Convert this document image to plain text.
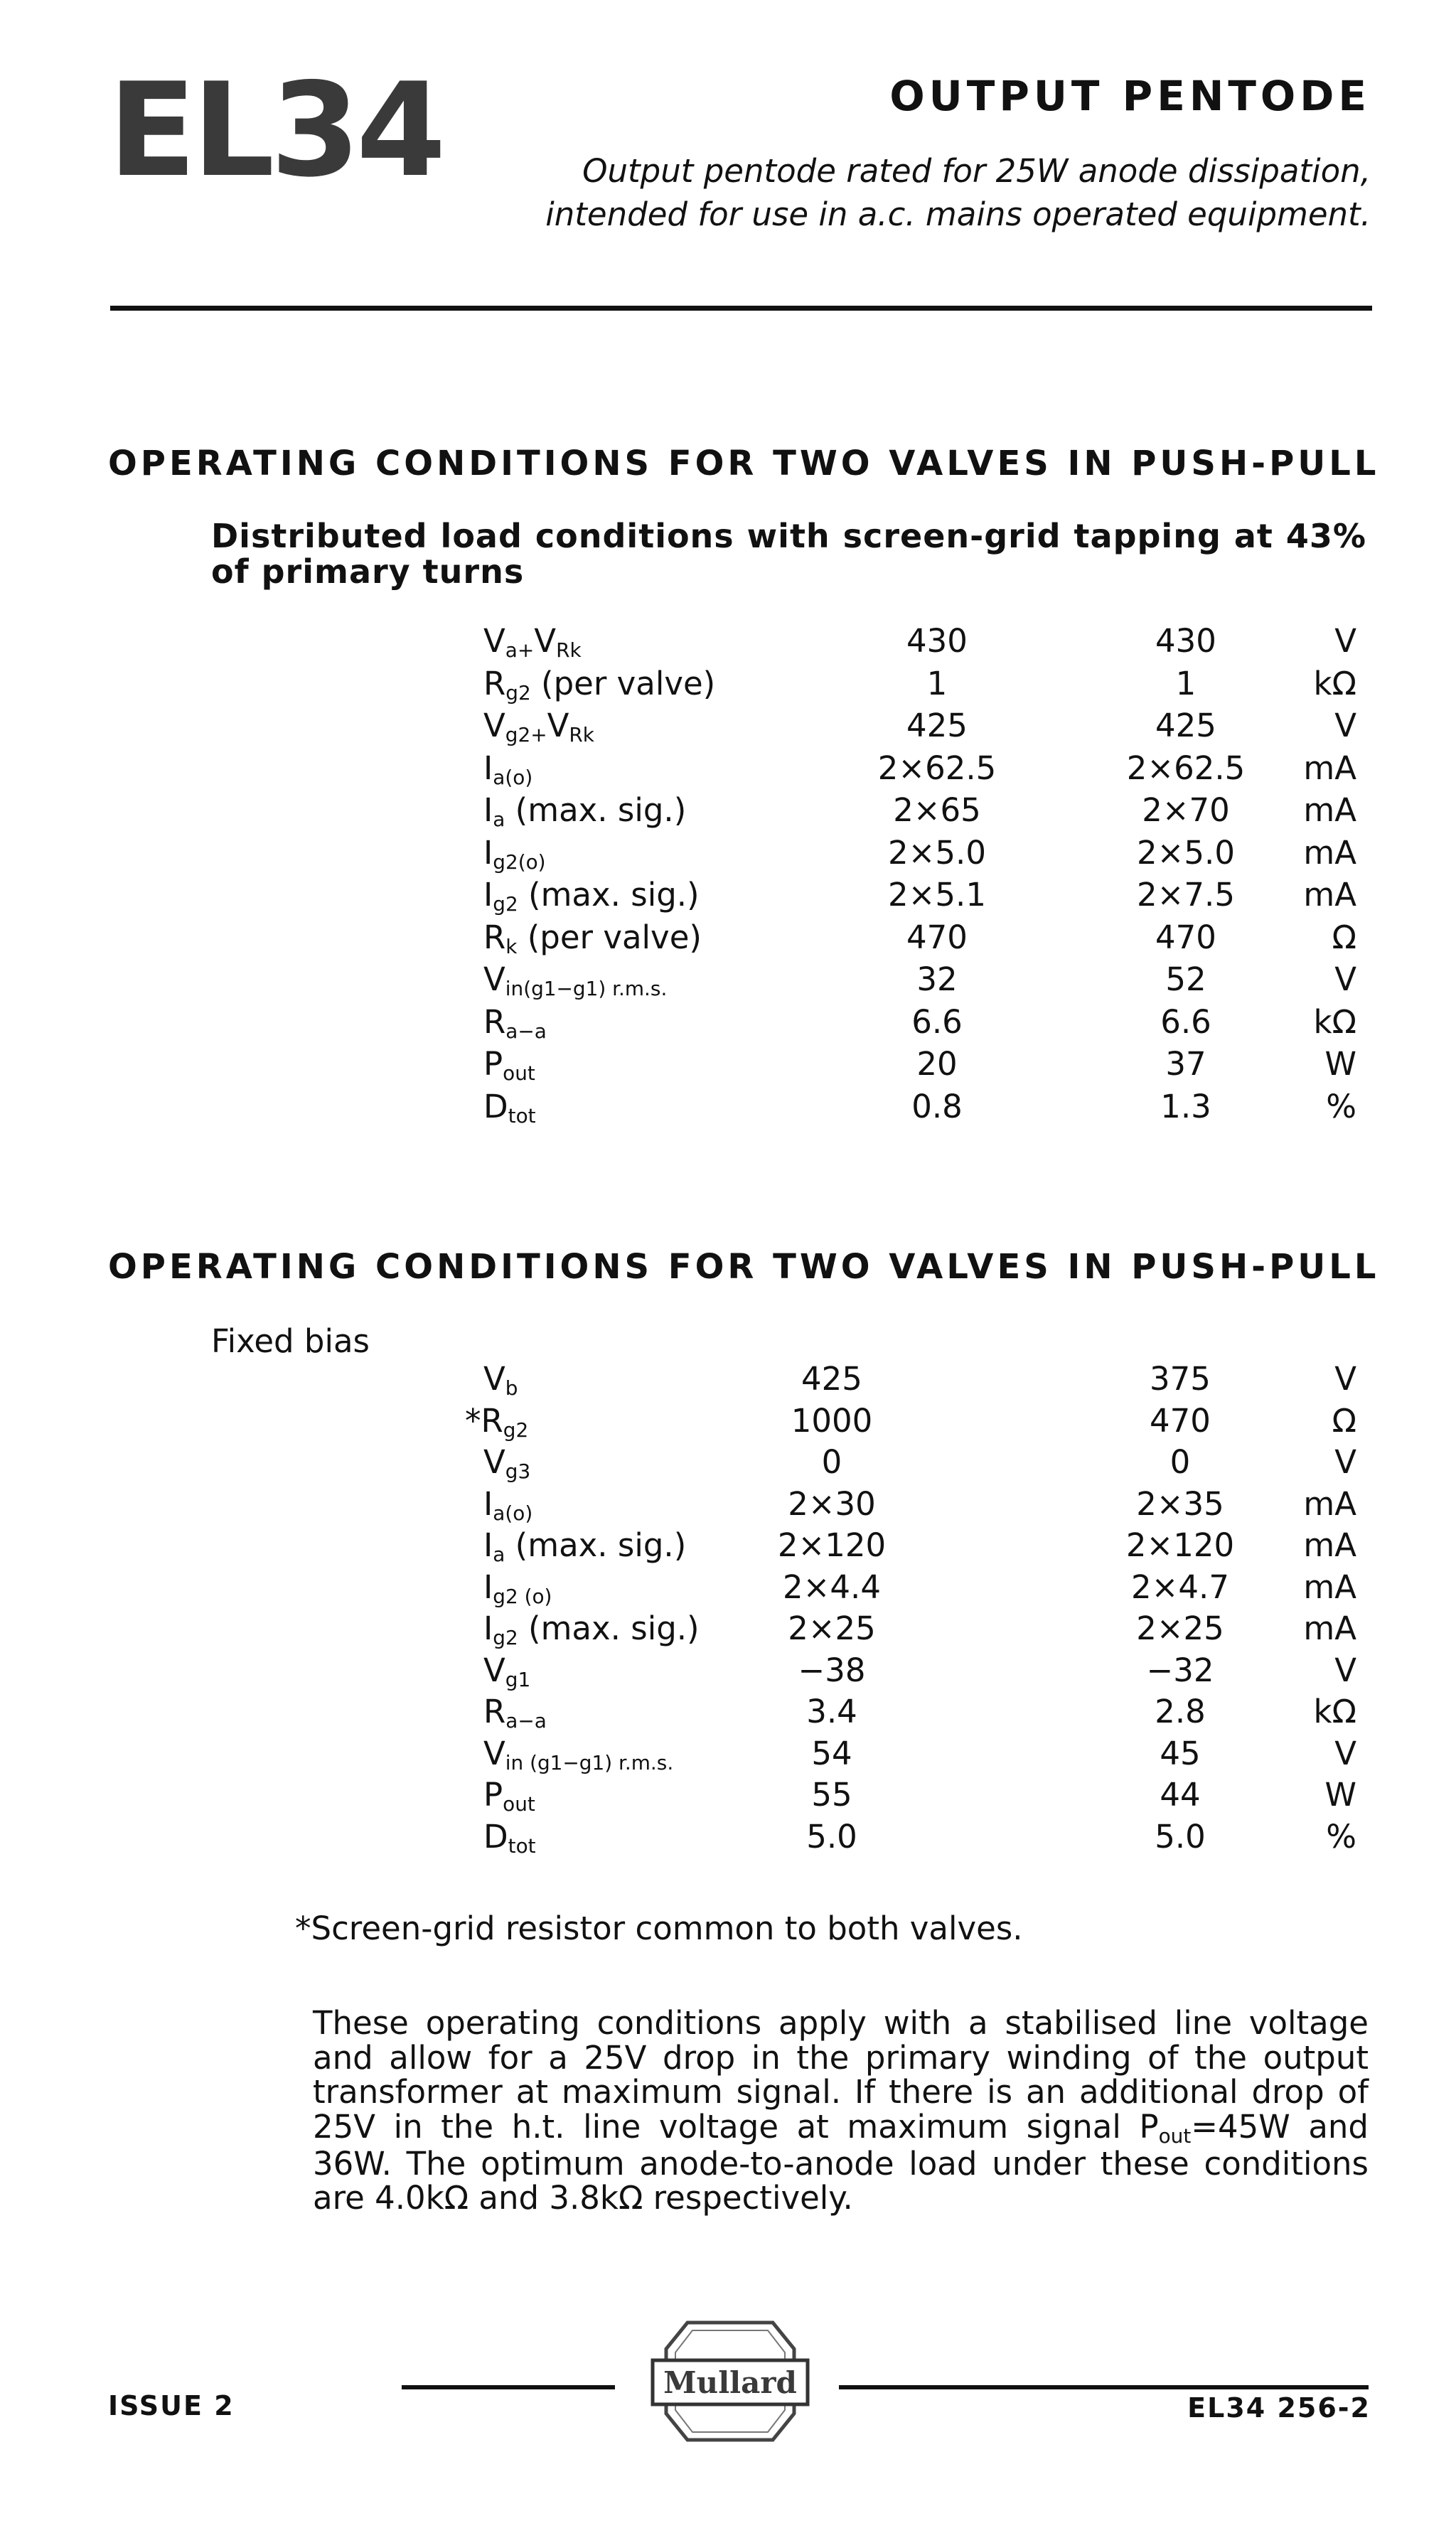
EL34	OUTPUT PENTODE
Output pentode rated for 25W anode dissipation, intended for use in a.c. mains operated equipment.
OPERATING CONDITIONS FOR TWO VALVES IN PUSH-PULL
Distributed load conditions with screen-grid tapping at 43% of primary turns
$V_{a+}V_{Rk}$	430	430	V
$R_{g2}$ (per valve)	1	1	kΩ
$V_{g2+}V_{Rk}$	425	425	V
$I_{a(o)}$	2×62.5	2×62.5	mA
$I_a$ (max. sig.)	2×65	2×70	mA
$I_{g2(o)}$	2×5.0	2×5.0	mA
$I_{g2}$ (max. sig.)	2×5.1	2×7.5	mA
$R_k$ (per valve)	470	470	Ω
$V_{in(g1-g1) r.m.s.}$	32	52	V
$R_{a-a}$	6.6	6.6	kΩ
$P_{out}$	20	37	W
$D_{tot}$	0.8	1.3	%
OPERATING CONDITIONS FOR TWO VALVES IN PUSH-PULL
Fixed bias
$V_b$	425	375	V
$*R_{g2}$	1000	470	Ω
$V_{g3}$	0	0	V
$I_{a(o)}$	2×30	2×35	mA
$I_a$ (max. sig.)	2×120	2×120	mA
$I_{g2 (o)}$	2×4.4	2×4.7	mA
$I_{g2}$ (max. sig.)	2×25	2×25	mA
$V_{g1}$	−38	−32	V
$R_{a-a}$	3.4	2.8	kΩ
$V_{in (g1-g1) r.m.s.}$	54	45	V
$P_{out}$	55	44	W
$D_{tot}$	5.0	5.0	%
*Screen-grid resistor common to both valves.
These operating conditions apply with a stabilised line voltage and allow for a 25V drop in the primary winding of the output transformer at maximum signal. If there is an additional drop of 25V in the h.t. line voltage at maximum signal $P_{out}=45W$ and 36W. The optimum anode-to-anode load under these conditions are 4.0kΩ and 3.8kΩ respectively.
ISSUE 2	EL34 256-2
Mullard
